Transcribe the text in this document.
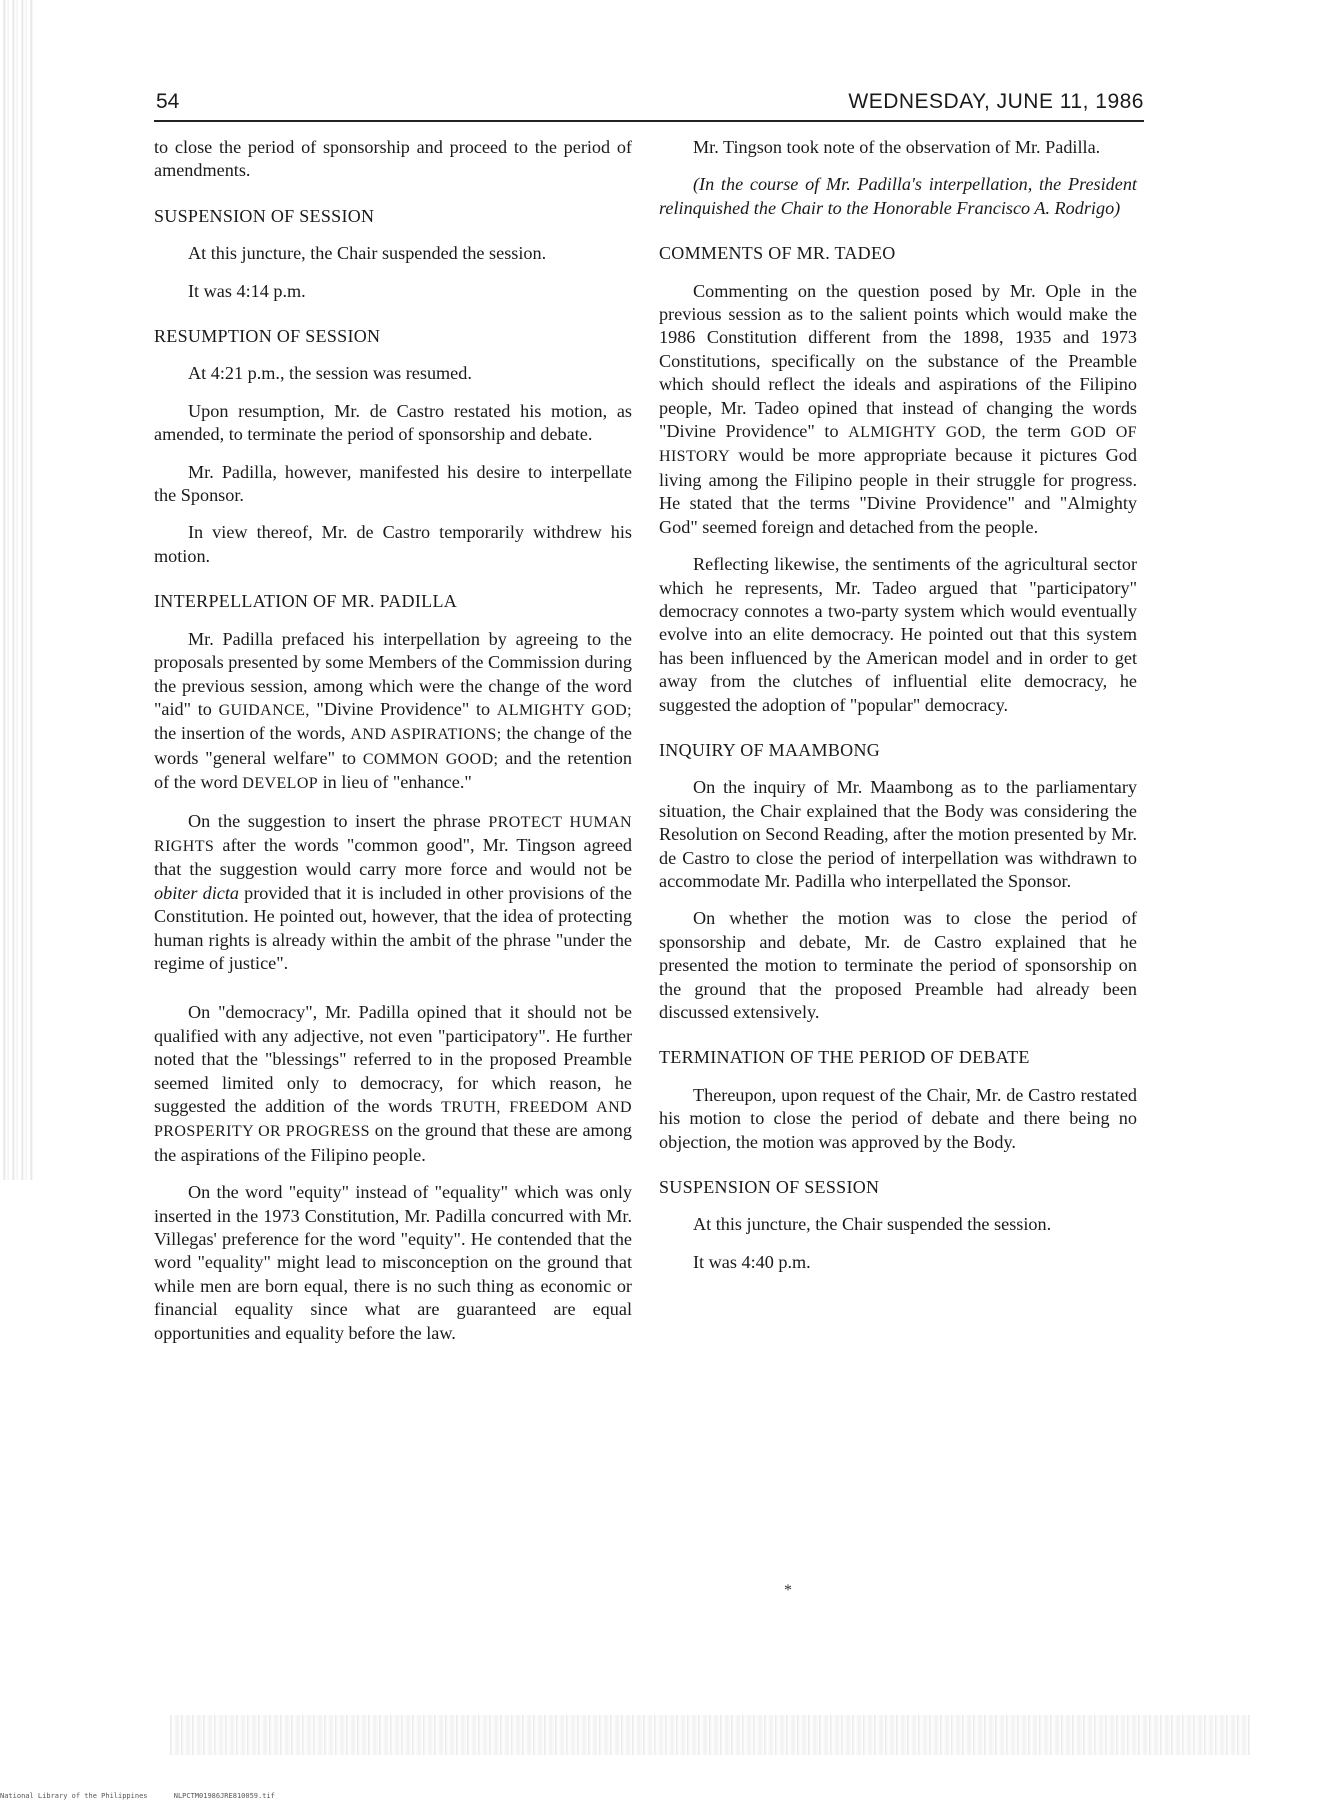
54	WEDNESDAY, JUNE 11, 1986

to close the period of sponsorship and proceed to the period of amendments.

SUSPENSION OF SESSION

At this juncture, the Chair suspended the session.

It was 4:14 p.m.

RESUMPTION OF SESSION

At 4:21 p.m., the session was resumed.

Upon resumption, Mr. de Castro restated his motion, as amended, to terminate the period of sponsorship and debate.

Mr. Padilla, however, manifested his desire to interpellate the Sponsor.

In view thereof, Mr. de Castro temporarily withdrew his motion.

INTERPELLATION OF MR. PADILLA

Mr. Padilla prefaced his interpellation by agreeing to the proposals presented by some Members of the Commission during the previous session, among which were the change of the word "aid" to GUIDANCE, "Divine Providence" to ALMIGHTY GOD; the insertion of the words, AND ASPIRATIONS; the change of the words "general welfare" to COMMON GOOD; and the retention of the word DEVELOP in lieu of "enhance."

On the suggestion to insert the phrase PROTECT HUMAN RIGHTS after the words "common good", Mr. Tingson agreed that the suggestion would carry more force and would not be obiter dicta provided that it is included in other provisions of the Constitution. He pointed out, however, that the idea of protecting human rights is already within the ambit of the phrase "under the regime of justice".

On "democracy", Mr. Padilla opined that it should not be qualified with any adjective, not even "participatory". He further noted that the "blessings" referred to in the proposed Preamble seemed limited only to democracy, for which reason, he suggested the addition of the words TRUTH, FREEDOM AND PROSPERITY OR PROGRESS on the ground that these are among the aspirations of the Filipino people.

On the word "equity" instead of "equality" which was only inserted in the 1973 Constitution, Mr. Padilla concurred with Mr. Villegas' preference for the word "equity". He contended that the word "equality" might lead to misconception on the ground that while men are born equal, there is no such thing as economic or financial equality since what are guaranteed are equal opportunities and equality before the law.

Mr. Tingson took note of the observation of Mr. Padilla.

(In the course of Mr. Padilla's interpellation, the President relinquished the Chair to the Honorable Francisco A. Rodrigo)

COMMENTS OF MR. TADEO

Commenting on the question posed by Mr. Ople in the previous session as to the salient points which would make the 1986 Constitution different from the 1898, 1935 and 1973 Constitutions, specifically on the substance of the Preamble which should reflect the ideals and aspirations of the Filipino people, Mr. Tadeo opined that instead of changing the words "Divine Providence" to ALMIGHTY GOD, the term GOD OF HISTORY would be more appropriate because it pictures God living among the Filipino people in their struggle for progress. He stated that the terms "Divine Providence" and "Almighty God" seemed foreign and detached from the people.

Reflecting likewise, the sentiments of the agricultural sector which he represents, Mr. Tadeo argued that "participatory" democracy connotes a two-party system which would eventually evolve into an elite democracy. He pointed out that this system has been influenced by the American model and in order to get away from the clutches of influential elite democracy, he suggested the adoption of "popular" democracy.

INQUIRY OF MAAMBONG

On the inquiry of Mr. Maambong as to the parliamentary situation, the Chair explained that the Body was considering the Resolution on Second Reading, after the motion presented by Mr. de Castro to close the period of interpellation was withdrawn to accommodate Mr. Padilla who interpellated the Sponsor.

On whether the motion was to close the period of sponsorship and debate, Mr. de Castro explained that he presented the motion to terminate the period of sponsorship on the ground that the proposed Preamble had already been discussed extensively.

TERMINATION OF THE PERIOD OF DEBATE

Thereupon, upon request of the Chair, Mr. de Castro restated his motion to close the period of debate and there being no objection, the motion was approved by the Body.

SUSPENSION OF SESSION

At this juncture, the Chair suspended the session.

It was 4:40 p.m.

*
National Library of the Philippines	NLPCTM01986JRE810059.tif
